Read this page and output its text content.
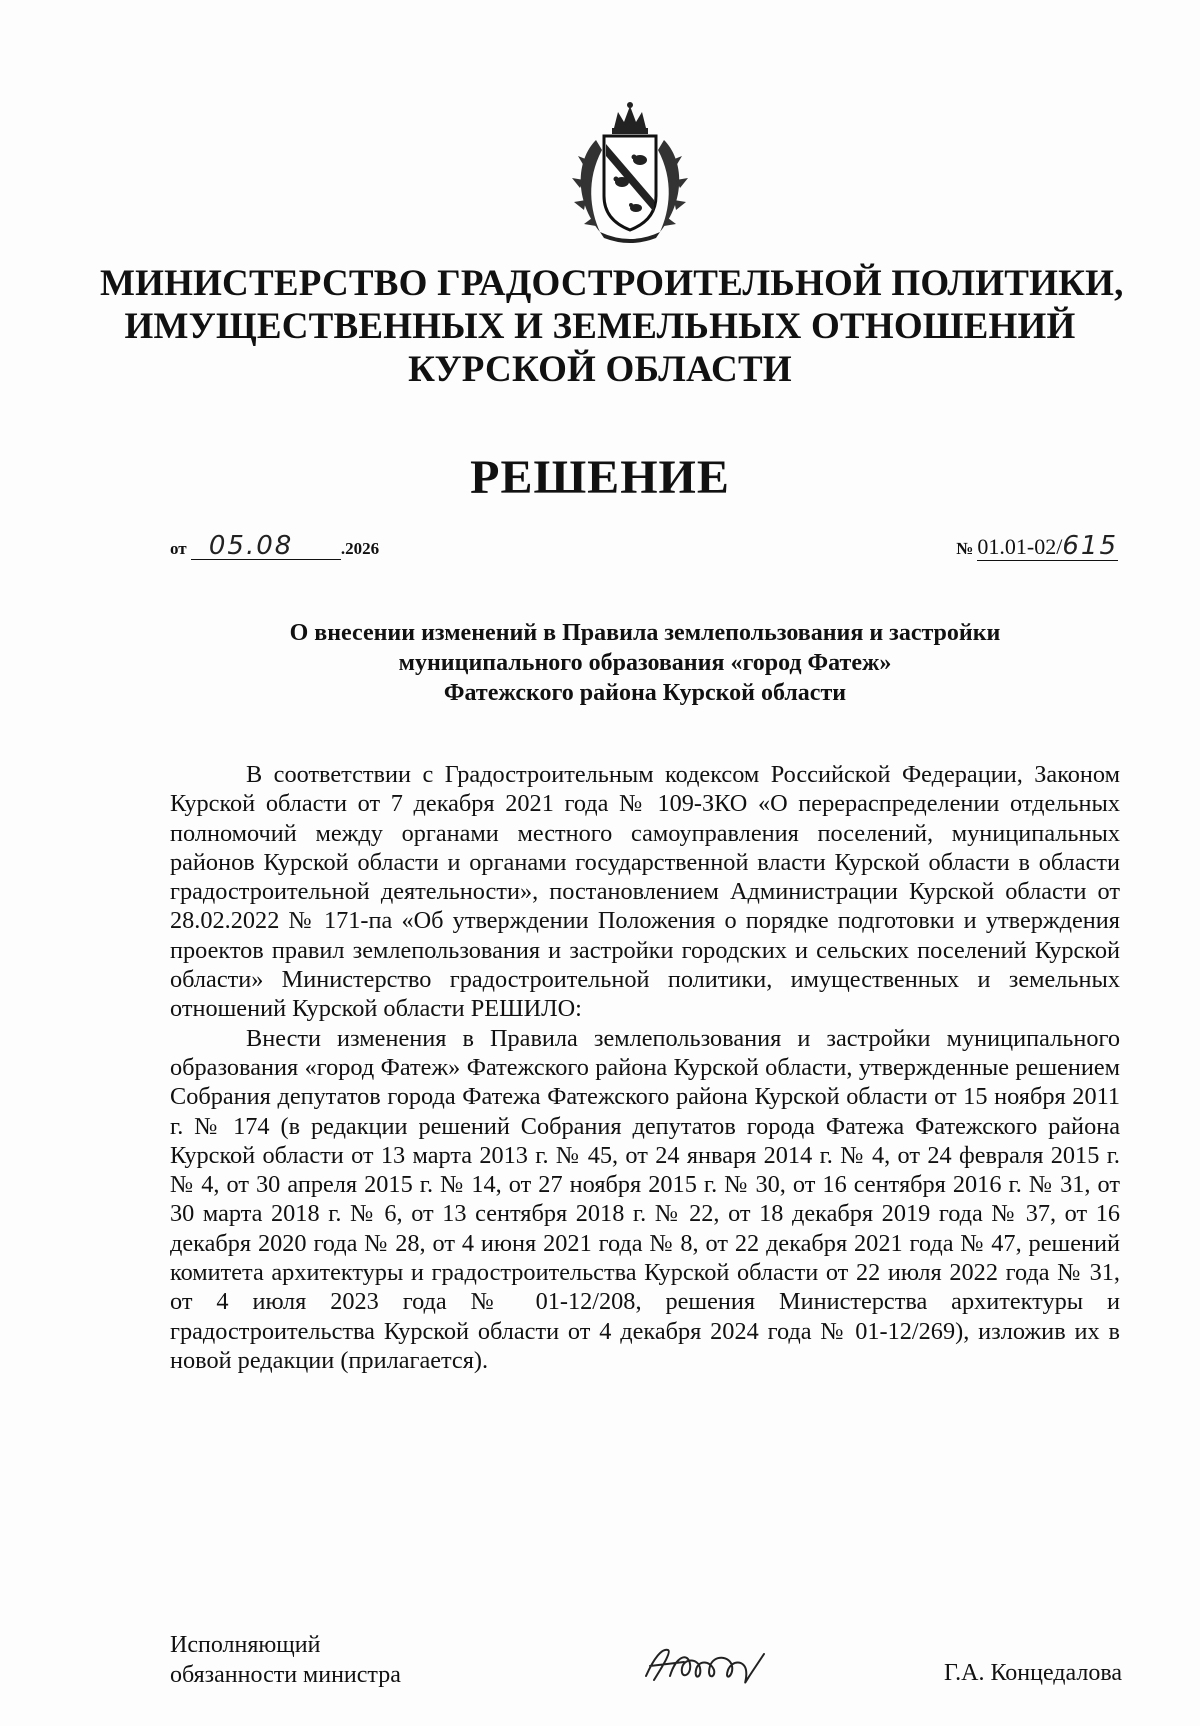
МИНИСТЕРСТВО ГРАДОСТРОИТЕЛЬНОЙ ПОЛИТИКИ,
ИМУЩЕСТВЕННЫХ И ЗЕМЕЛЬНЫХ ОТНОШЕНИЙ
КУРСКОЙ ОБЛАСТИ
РЕШЕНИЕ
от 05.08	.2026	№ 01.01-02/615
О внесении изменений в Правила землепользования и застройки
муниципального образования «город Фатеж»
Фатежского района Курской области

В соответствии с Градостроительным кодексом Российской Федерации, Законом Курской области от 7 декабря 2021 года № 109-ЗКО «О перераспределении отдельных полномочий между органами местного самоуправления поселений, муниципальных районов Курской области и органами государственной власти Курской области в области градостроительной деятельности», постановлением Администрации Курской области от 28.02.2022 № 171-па «Об утверждении Положения о порядке подготовки и утверждения проектов правил землепользования и застройки городских и сельских поселений Курской области» Министерство градостроительной политики, имущественных и земельных отношений Курской области РЕШИЛО:

Внести изменения в Правила землепользования и застройки муниципального образования «город Фатеж» Фатежского района Курской области, утвержденные решением Собрания депутатов города Фатежа Фатежского района Курской области от 15 ноября 2011 г. № 174 (в редакции решений Собрания депутатов города Фатежа Фатежского района Курской области от 13 марта 2013 г. № 45, от 24 января 2014 г. № 4, от 24 февраля 2015 г. № 4, от 30 апреля 2015 г. № 14, от 27 ноября 2015 г. № 30, от 16 сентября 2016 г. № 31, от 30 марта 2018 г. № 6, от 13 сентября 2018 г. № 22, от 18 декабря 2019 года № 37, от 16 декабря 2020 года № 28, от 4 июня 2021 года № 8, от 22 декабря 2021 года № 47, решений комитета архитектуры и градостроительства Курской области от 22 июля 2022 года № 31, от 4 июля 2023 года № 01-12/208, решения Министерства архитектуры и градостроительства Курской области от 4 декабря 2024 года № 01-12/269), изложив их в новой редакции (прилагается).

Исполняющий
обязанности министра	Г.А. Концедалова
